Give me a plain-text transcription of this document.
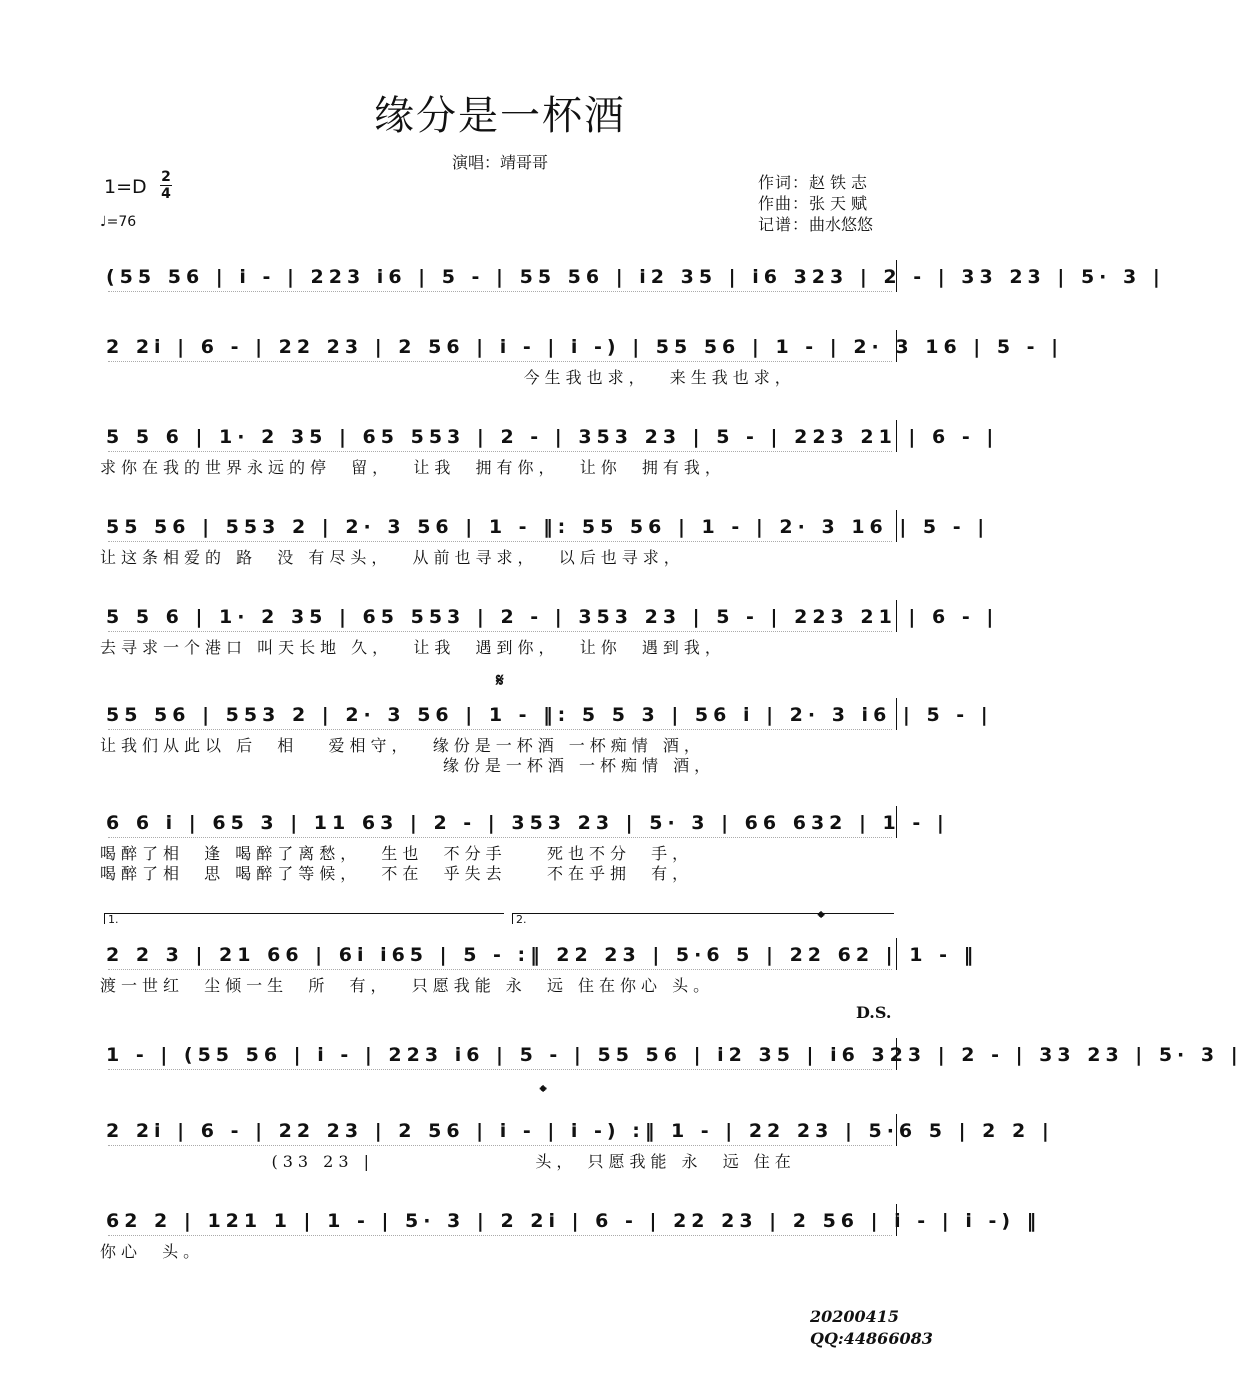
缘分是一杯酒
演唱：靖哥哥
1=D 2
4
♩=76
作词：赵铁志
作曲：张天赋
记谱：曲水悠悠
(55 56 | i - | 223 i6 | 5 - | 55 56 | i2 35 | i6 323 | 2 - | 33 23 | 5· 3 |
2 2i | 6 - | 22 23 | 2 56 | i - | i -) | 55 56 | 1 - | 2· 3 16 | 5 - |
今生我也求，  来生我也求，
5 5 6 | 1· 2 35 | 65 553 | 2 - | 353 23 | 5 - | 223 21 | 6 - |
求你在我的世界永远的停  留，  让我  拥有你，  让你  拥有我，
55 56 | 553 2 | 2· 3 56 | 1 - ‖: 55 56 | 1 - | 2· 3 16 | 5 - |
让这条相爱的 路  没 有尽头，  从前也寻求，  以后也寻求，
5 5 6 | 1· 2 35 | 65 553 | 2 - | 353 23 | 5 - | 223 21 | 6 - |
去寻求一个港口 叫天长地 久，  让我  遇到你，  让你  遇到我，
55 56 | 553 2 | 2· 3 56 | 1 - ‖: 5 5 3 | 56 i | 2· 3 i6 | 5 - |
让我们从此以 后  相   爱相守，  缘份是一杯酒 一杯痴情 酒，
缘份是一杯酒 一杯痴情 酒，
6 6 i | 65 3 | 11 63 | 2 - | 353 23 | 5· 3 | 66 632 | 1 - |
喝醉了相  逢 喝醉了离愁，  生也  不分手    死也不分  手，
喝醉了相  思 喝醉了等候，  不在  乎失去    不在乎拥  有，
2 2 3 | 21 66 | 6i i65 | 5 - :‖ 22 23 | 5·6 5 | 22 62 | 1 - ‖
渡一世红  尘倾一生  所  有，  只愿我能 永  远 住在你心 头。
1 - | (55 56 | i - | 223 i6 | 5 - | 55 56 | i2 35 | i6 323 | 2 - | 33 23 | 5· 3 |
2 2i | 6 - | 22 23 | 2 56 | i - | i -) :‖ 1 - | 22 23 | 5·6 5 | 2 2 |
(33 23 |                头， 只愿我能 永  远 住在
62 2 | 121 1 | 1 - | 5· 3 | 2 2i | 6 - | 22 23 | 2 56 | i - | i -) ‖
你心  头。
𝄋
𝄌
𝄌
1.	2.
D.S.
20200415
QQ:44866083
